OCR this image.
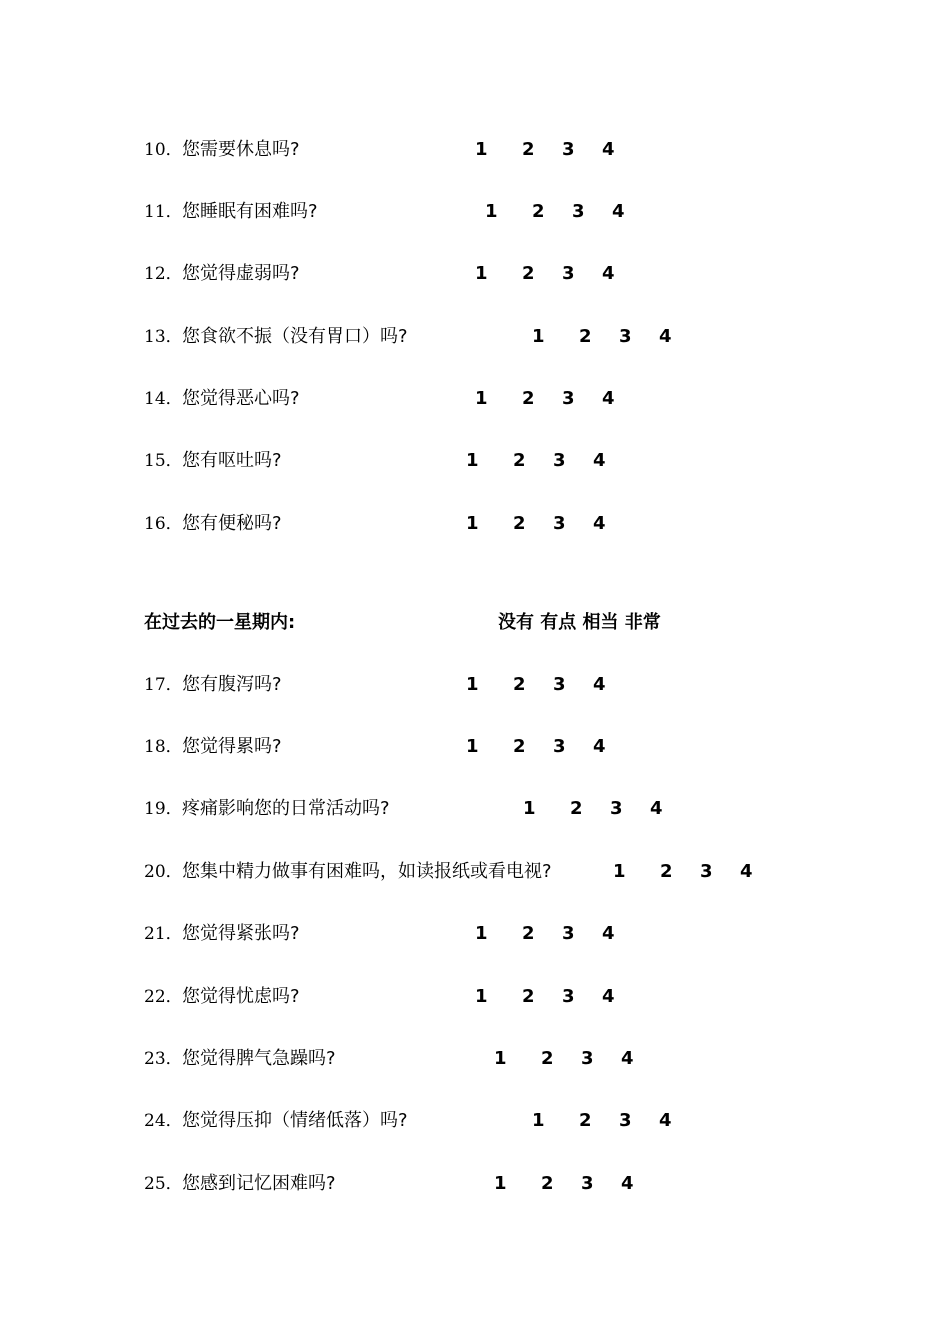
10．您需要休息吗?	1 2 3 4
11．您睡眠有困难吗?	1 2 3 4
12．您觉得虚弱吗?	1 2 3 4
13．您食欲不振（没有胃口）吗?	1 2 3 4
14．您觉得恶心吗?	1 2 3 4
15．您有呕吐吗?	1 2 3 4
16．您有便秘吗?	1 2 3 4
在过去的一星期内:	没有 有点 相当 非常
17．您有腹泻吗?	1 2 3 4
18．您觉得累吗?	1 2 3 4
19．疼痛影响您的日常活动吗?	1 2 3 4
20．您集中精力做事有困难吗，如读报纸或看电视?	1 2 3 4
21．您觉得紧张吗?	1 2 3 4
22．您觉得忧虑吗?	1 2 3 4
23．您觉得脾气急躁吗?	1 2 3 4
24．您觉得压抑（情绪低落）吗?	1 2 3 4
25．您感到记忆困难吗?	1 2 3 4
